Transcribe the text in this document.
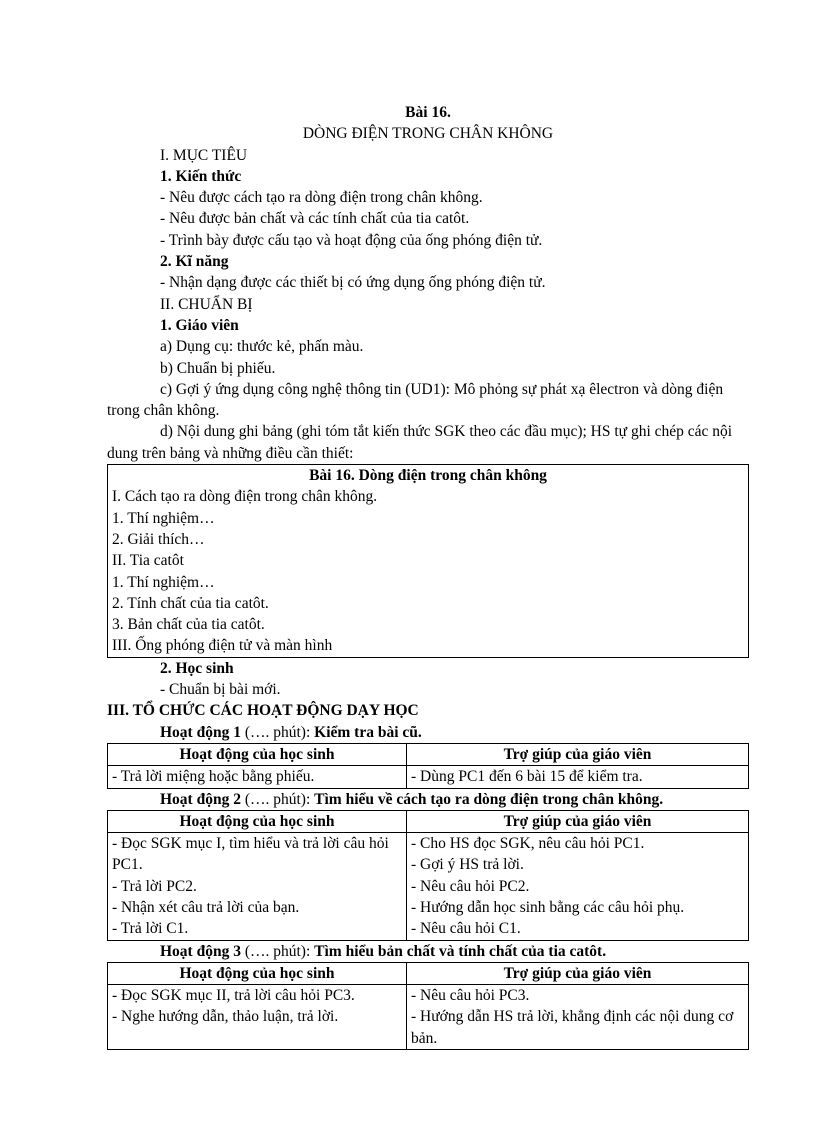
Bài 16.

DÒNG ĐIỆN TRONG CHÂN KHÔNG

I. MỤC TIÊU

1. Kiến thức

- Nêu được cách tạo ra dòng điện trong chân không.

- Nêu được bản chất và các tính chất của tia catôt.

- Trình bày được cấu tạo và hoạt động của ống phóng điện tử.

2. Kĩ năng

- Nhận dạng được các thiết bị có ứng dụng ống phóng điện tử.

II. CHUẨN BỊ

1. Giáo viên

a) Dụng cụ: thước kẻ, phấn màu.

b) Chuẩn bị phiếu.

c) Gợi ý ứng dụng công nghệ thông tin (UD1): Mô phỏng sự phát xạ êlectron và dòng điện trong chân không.

d) Nội dung ghi bảng (ghi tóm tắt kiến thức SGK theo các đầu mục); HS tự ghi chép các nội dung trên bảng và những điều cần thiết:

Bài 16. Dòng điện trong chân không

I. Cách tạo ra dòng điện trong chân không.

1. Thí nghiệm…

2. Giải thích…

II. Tia catôt

1. Thí nghiệm…

2. Tính chất của tia catôt.

3. Bản chất của tia catôt.

III. Ống phóng điện tử và màn hình

2. Học sinh

- Chuẩn bị bài mới.

III. TỔ CHỨC CÁC HOẠT ĐỘNG DẠY HỌC

Hoạt động 1 (…. phút): Kiểm tra bài cũ.

Hoạt động của học sinh	Trợ giúp của giáo viên

- Trả lời miệng hoặc bằng phiếu.	- Dùng PC1 đến 6 bài 15 để kiểm tra.

Hoạt động 2 (…. phút): Tìm hiểu về cách tạo ra dòng điện trong chân không.

Hoạt động của học sinh	Trợ giúp của giáo viên

- Đọc SGK mục I, tìm hiểu và trả lời câu hỏi PC1.
- Trả lời PC2.
- Nhận xét câu trả lời của bạn.
- Trả lời C1.	- Cho HS đọc SGK, nêu câu hỏi PC1.
- Gợi ý HS trả lời.
- Nêu câu hỏi PC2.
- Hướng dẫn học sinh bằng các câu hỏi phụ.
- Nêu câu hỏi C1.

Hoạt động 3 (…. phút): Tìm hiểu bản chất và tính chất của tia catôt.

Hoạt động của học sinh	Trợ giúp của giáo viên

- Đọc SGK mục II, trả lời câu hỏi PC3.
- Nghe hướng dẫn, thảo luận, trả lời.	- Nêu câu hỏi PC3.
- Hướng dẫn HS trả lời, khẳng định các nội dung cơ bản.
